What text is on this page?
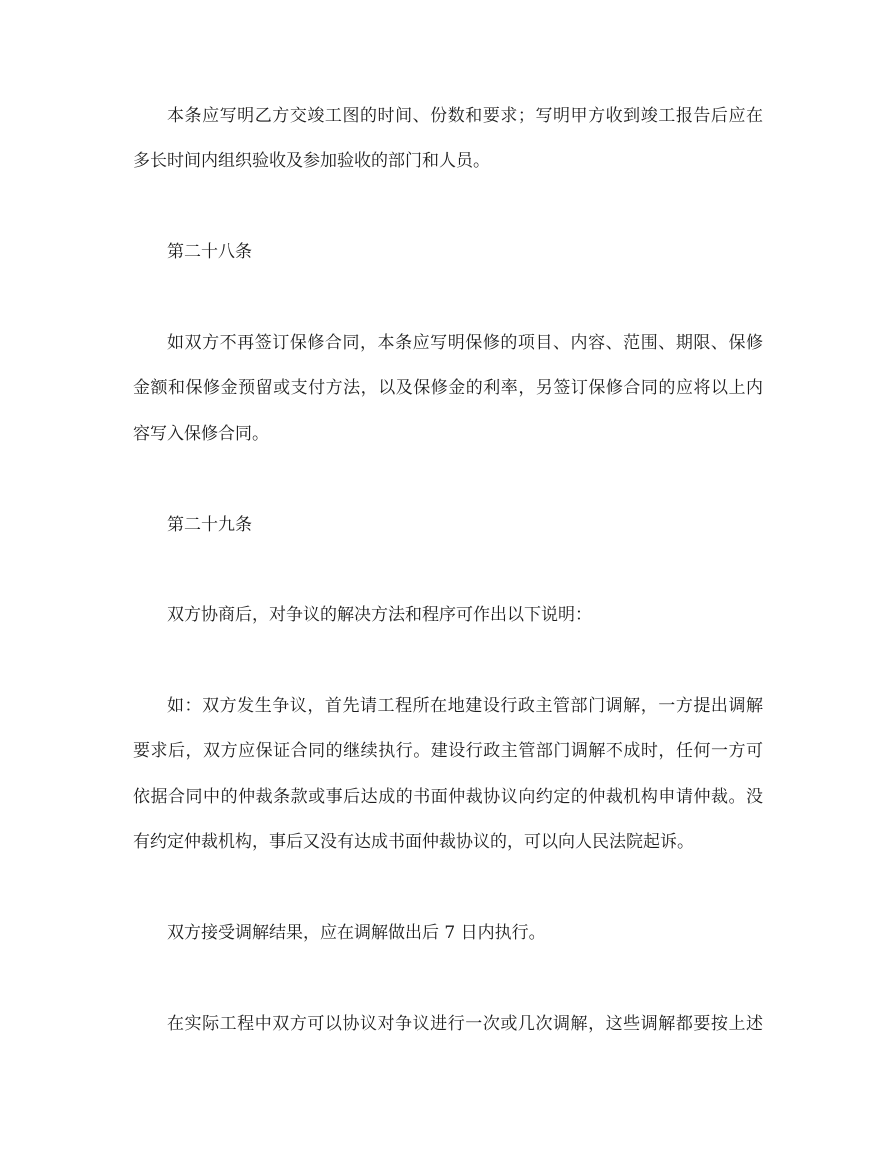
本条应写明乙方交竣工图的时间、份数和要求；写明甲方收到竣工报告后应在
多长时间内组织验收及参加验收的部门和人员。
第二十八条
如双方不再签订保修合同，本条应写明保修的项目、内容、范围、期限、保修
金额和保修金预留或支付方法，以及保修金的利率，另签订保修合同的应将以上内
容写入保修合同。
第二十九条
双方协商后，对争议的解决方法和程序可作出以下说明：
如：双方发生争议，首先请工程所在地建设行政主管部门调解，一方提出调解
要求后，双方应保证合同的继续执行。建设行政主管部门调解不成时，任何一方可
依据合同中的仲裁条款或事后达成的书面仲裁协议向约定的仲裁机构申请仲裁。没
有约定仲裁机构，事后又没有达成书面仲裁协议的，可以向人民法院起诉。
双方接受调解结果，应在调解做出后 7 日内执行。
在实际工程中双方可以协议对争议进行一次或几次调解，这些调解都要按上述
